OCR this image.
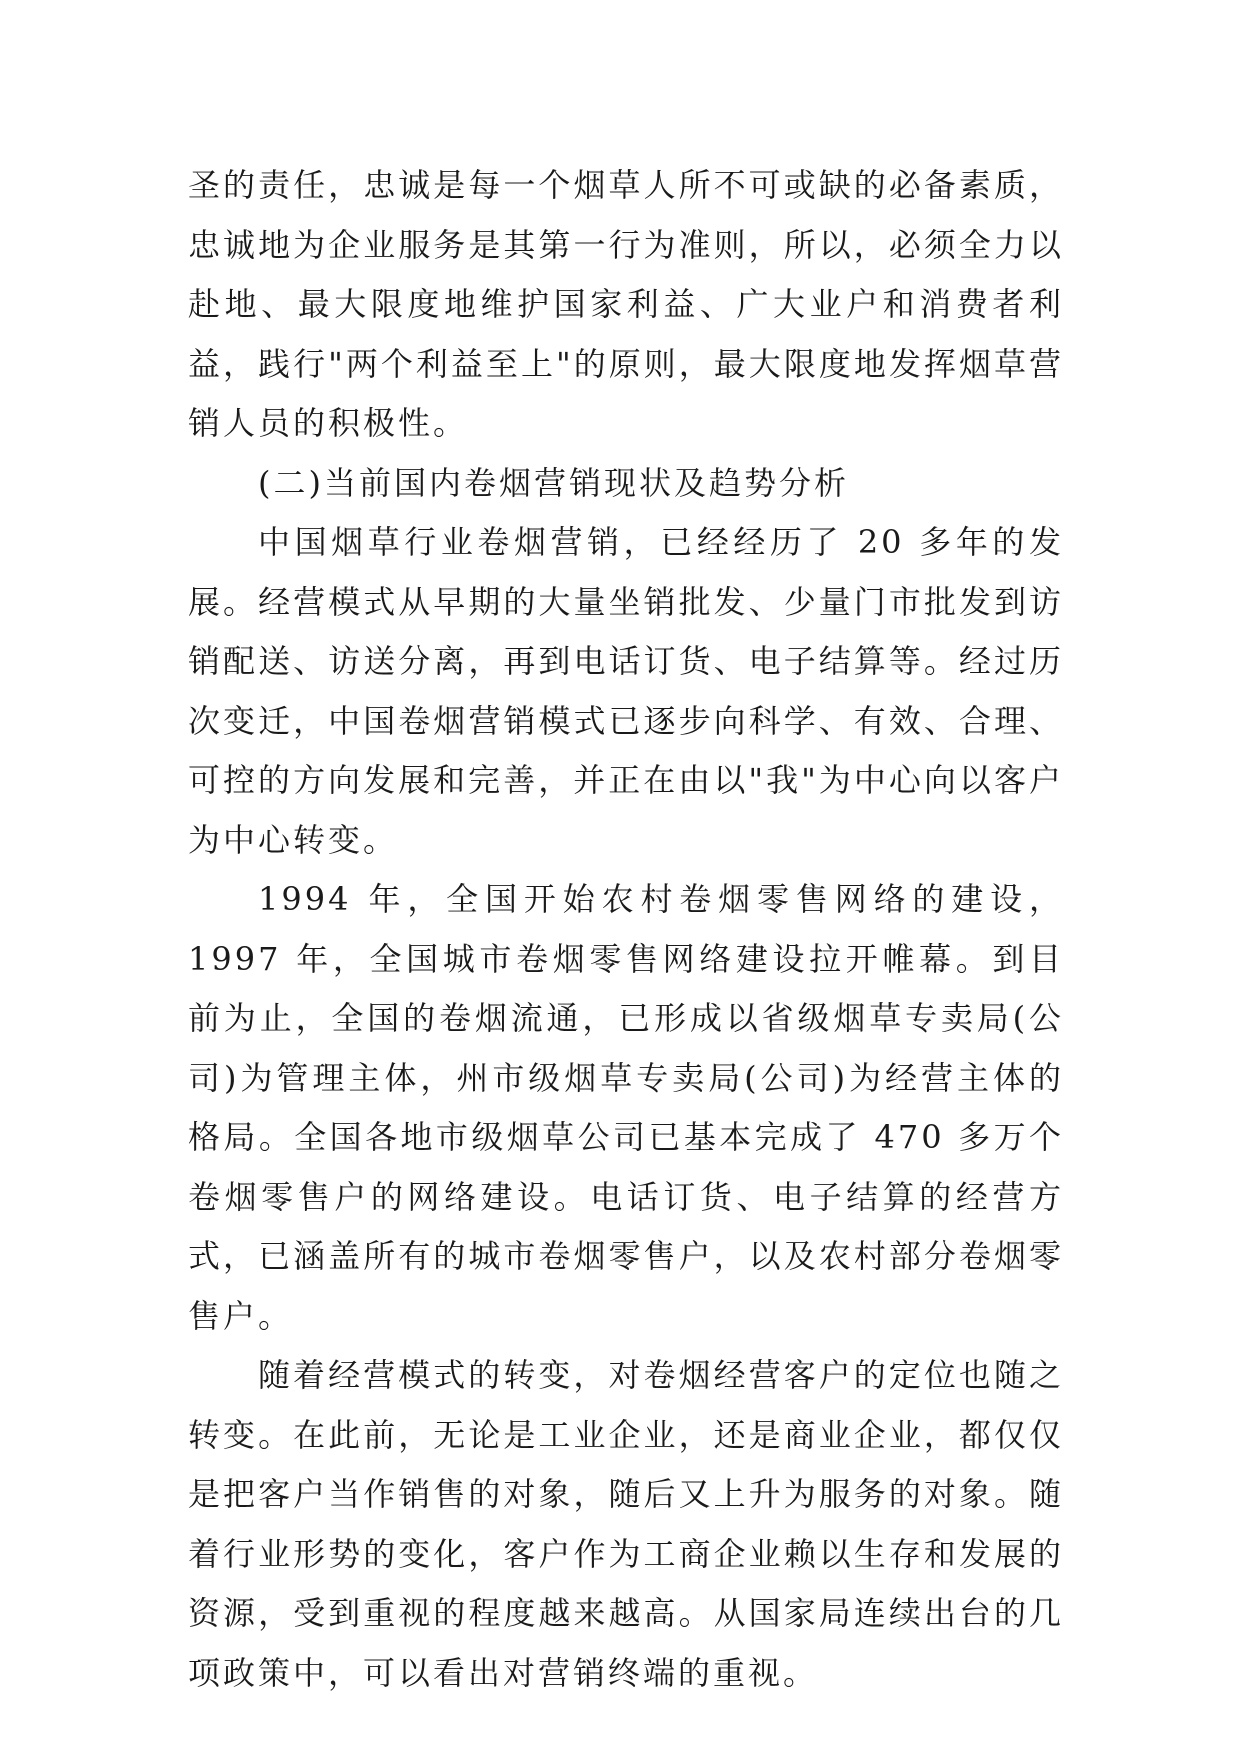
圣的责任，忠诚是每一个烟草人所不可或缺的必备素质，忠诚地为企业服务是其第一行为准则，所以，必须全力以赴地、最大限度地维护国家利益、广大业户和消费者利益，践行"两个利益至上"的原则，最大限度地发挥烟草营销人员的积极性。

(二)当前国内卷烟营销现状及趋势分析

中国烟草行业卷烟营销，已经经历了 20 多年的发展。经营模式从早期的大量坐销批发、少量门市批发到访销配送、访送分离，再到电话订货、电子结算等。经过历次变迁，中国卷烟营销模式已逐步向科学、有效、合理、可控的方向发展和完善，并正在由以"我"为中心向以客户为中心转变。

1994 年，全国开始农村卷烟零售网络的建设，1997 年，全国城市卷烟零售网络建设拉开帷幕。到目前为止，全国的卷烟流通，已形成以省级烟草专卖局(公司)为管理主体，州市级烟草专卖局(公司)为经营主体的格局。全国各地市级烟草公司已基本完成了 470 多万个卷烟零售户的网络建设。电话订货、电子结算的经营方式，已涵盖所有的城市卷烟零售户，以及农村部分卷烟零售户。

随着经营模式的转变，对卷烟经营客户的定位也随之转变。在此前，无论是工业企业，还是商业企业，都仅仅是把客户当作销售的对象，随后又上升为服务的对象。随着行业形势的变化，客户作为工商企业赖以生存和发展的资源，受到重视的程度越来越高。从国家局连续出台的几项政策中，可以看出对营销终端的重视。
